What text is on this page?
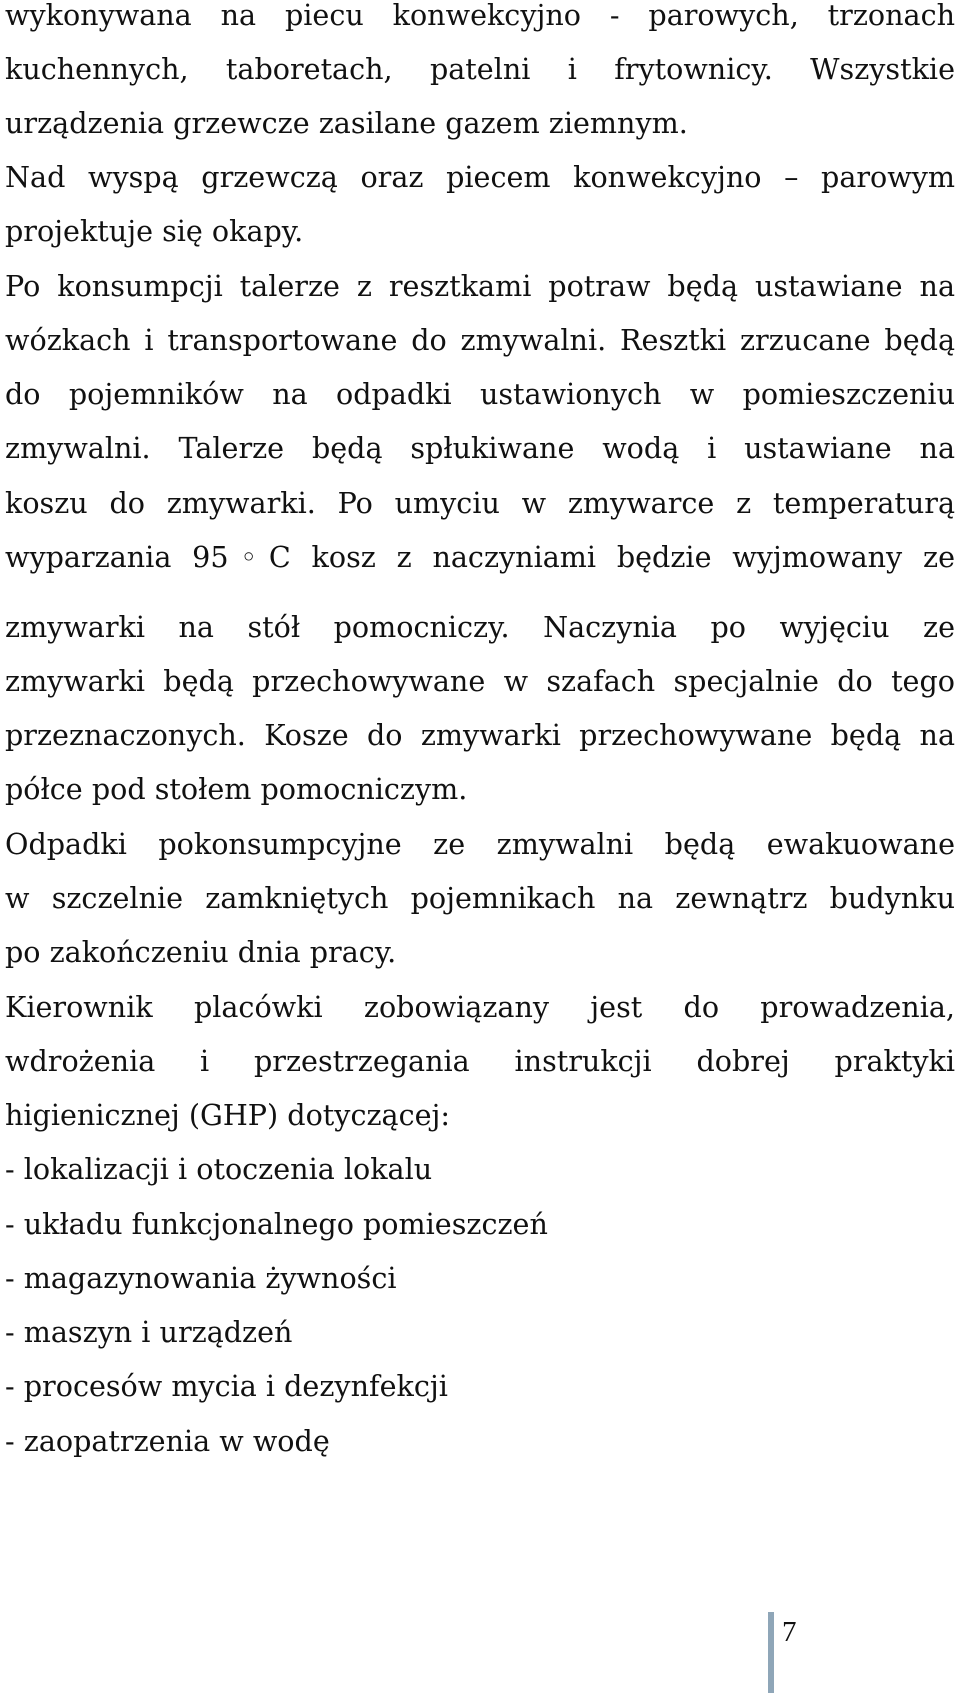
wykonywana na piecu konwekcyjno - parowych, trzonach
kuchennych, taboretach, patelni i frytownicy. Wszystkie
urządzenia grzewcze zasilane gazem ziemnym.
Nad wyspą grzewczą oraz piecem konwekcyjno – parowym
projektuje się okapy.
Po konsumpcji talerze z resztkami potraw będą ustawiane na
wózkach i transportowane do zmywalni. Resztki zrzucane będą
do pojemników na odpadki ustawionych w pomieszczeniu
zmywalni. Talerze będą spłukiwane wodą i ustawiane na
koszu do zmywarki. Po umyciu w zmywarce z temperaturą
wyparzania 95◦C kosz z naczyniami będzie wyjmowany ze
zmywarki na stół pomocniczy. Naczynia po wyjęciu ze
zmywarki będą przechowywane w szafach specjalnie do tego
przeznaczonych. Kosze do zmywarki przechowywane będą na
półce pod stołem pomocniczym.
Odpadki pokonsumpcyjne ze zmywalni będą ewakuowane
w szczelnie zamkniętych pojemnikach na zewnątrz budynku
po zakończeniu dnia pracy.
Kierownik placówki zobowiązany jest do prowadzenia,
wdrożenia i przestrzegania instrukcji dobrej praktyki
higienicznej (GHP) dotyczącej:
- lokalizacji i otoczenia lokalu
- układu funkcjonalnego pomieszczeń
- magazynowania żywności
- maszyn i urządzeń
- procesów mycia i dezynfekcji
- zaopatrzenia w wodę
7
